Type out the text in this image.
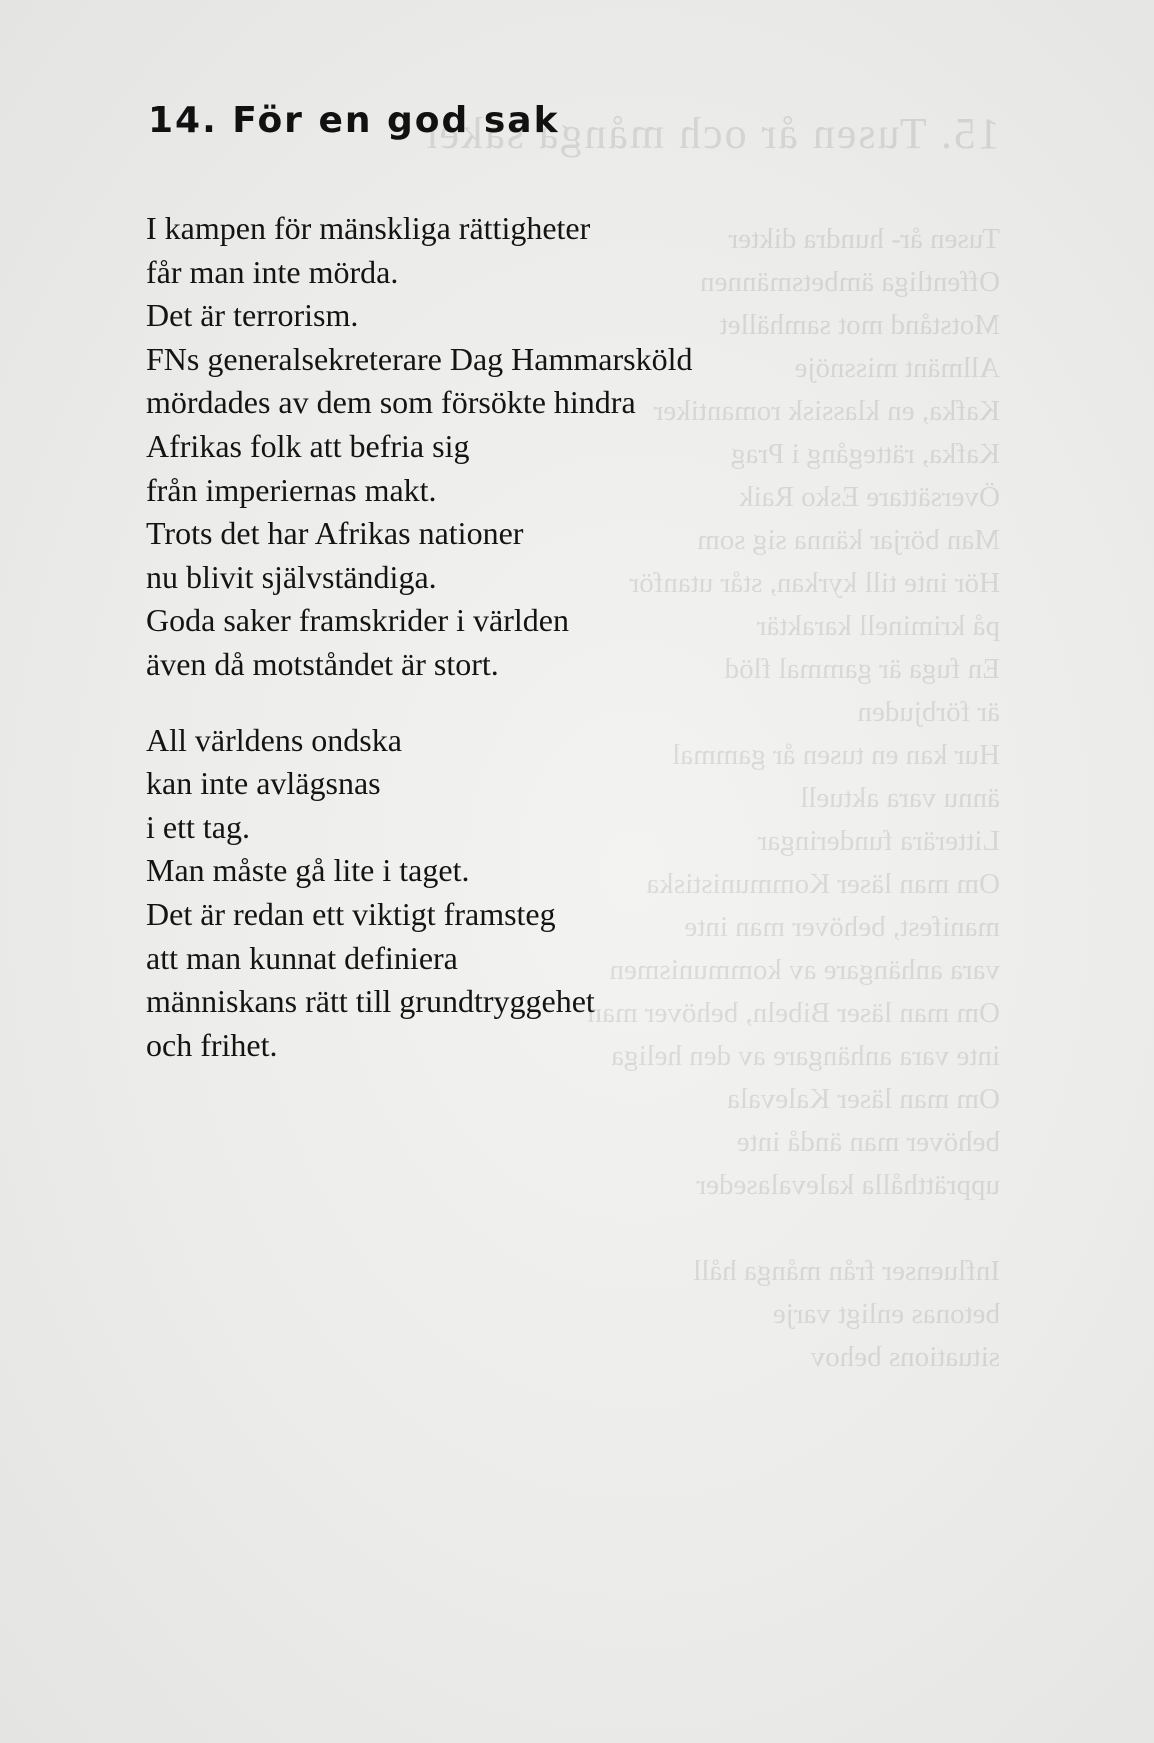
15. Tusen år och många saker
Tusen år- hundra dikter
Offentliga ämbetsmännen
Motstånd mot samhället
Allmänt missnöje
Kafka, en klassisk romantiker
Kafka, rättegång i Prag
Översättare Esko Raik
Man börjar känna sig som
Hör inte till kyrkan, står utanför
på kriminell karaktär
En fuga är gammal flöd
är förbjuden
Hur kan en tusen år gammal
ännu vara aktuell
Litterära funderingar
Om man läser Kommunistiska
manifest, behöver man inte
vara anhängare av kommunismen
Om man läser Bibeln, behöver man
inte vara anhängare av den heliga
Om man läser Kalevala
behöver man ändå inte
upprätthålla kalevalaseder
Influenser från många håll
betonas enligt varje
situations behov
14. För en god sak
I kampen för mänskliga rättigheter
får man inte mörda.
Det är terrorism.
FNs generalsekreterare Dag Hammarsköld
mördades av dem som försökte hindra
Afrikas folk att befria sig
från imperiernas makt.
Trots det har Afrikas nationer
nu blivit självständiga.
Goda saker framskrider i världen
även då motståndet är stort.
All världens ondska
kan inte avlägsnas
i ett tag.
Man måste gå lite i taget.
Det är redan ett viktigt framsteg
att man kunnat definiera
människans rätt till grundtryggehet
och frihet.
